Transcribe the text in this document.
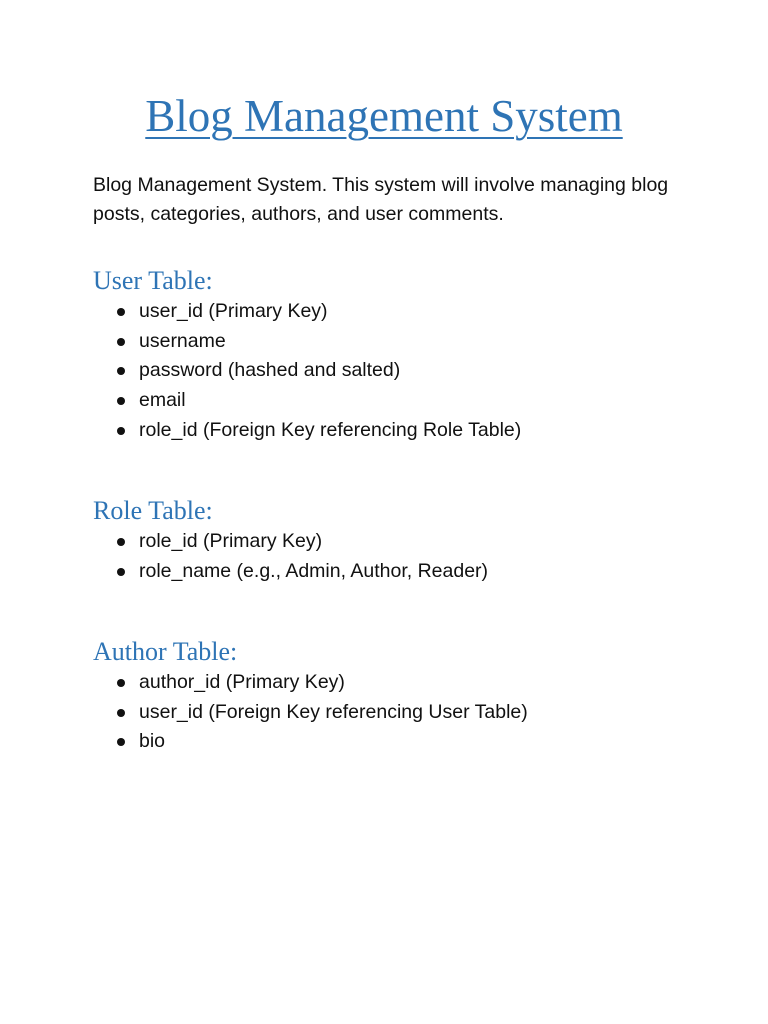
Blog Management System

Blog Management System. This system will involve managing blog posts, categories, authors, and user comments.

User Table:
user_id (Primary Key)
username
password (hashed and salted)
email
role_id (Foreign Key referencing Role Table)
Role Table:
role_id (Primary Key)
role_name (e.g., Admin, Author, Reader)
Author Table:
author_id (Primary Key)
user_id (Foreign Key referencing User Table)
bio
